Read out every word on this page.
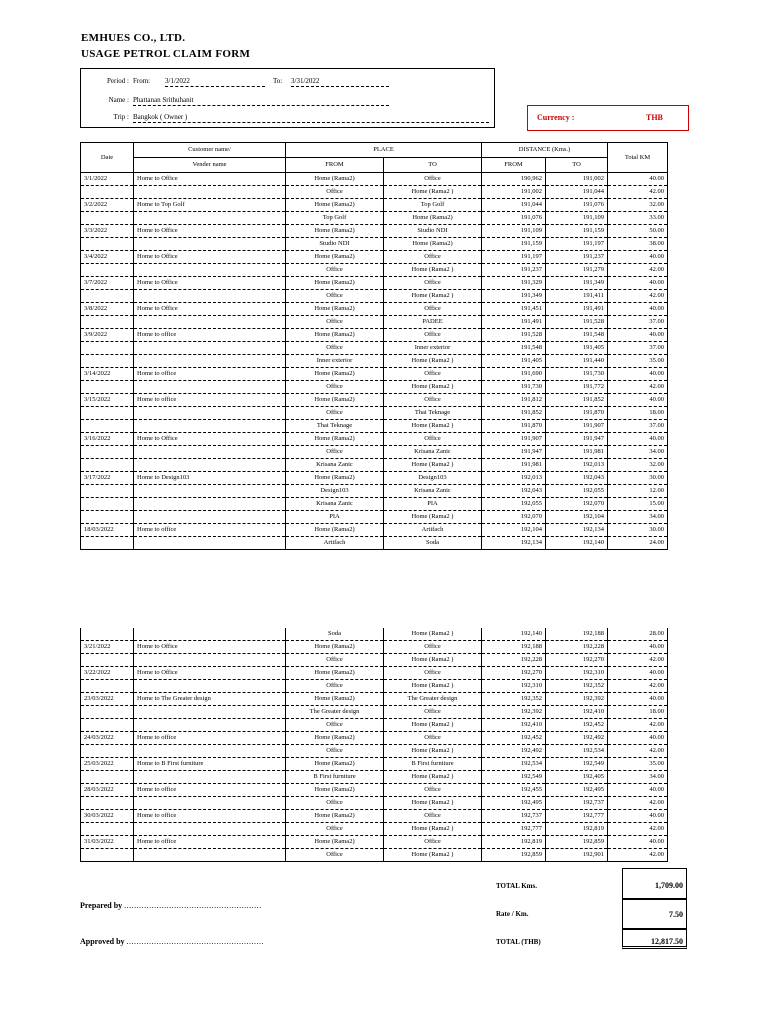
EMHUES CO., LTD.
USAGE PETROL CLAIM FORM
Period : From: 3/1/2022	To: 3/31/2022
Name : Phattanan Srithuhanit
Trip : Bangkok ( Owner )	Currency :	THB
Date	Customer name/	PLACE		DISTANCE (Kms.)		Total KM
	Vender name	FROM	TO	FROM	TO	
3/1/2022	Home to Office	Home (Rama2)	Office	190,962	191,002	40.00
		Office	Home (Rama2 )	191,002	191,044	42.00
3/2/2022	Home to Top Golf	Home (Rama2)	Top Golf	191,044	191,076	32.00
		Top Golf	Home (Rama2)	191,076	191,109	33.00
3/3/2022	Home to Office	Home (Rama2)	Studio NDI	191,109	191,159	50.00
		Studio NDI	Home (Rama2)	191,159	191,197	38.00
3/4/2022	Home to Office	Home (Rama2)	Office	191,197	191,237	40.00
		Office	Home (Rama2 )	191,237	191,279	42.00
3/7/2022	Home to Office	Home (Rama2)	Office	191,329	191,349	40.00
		Office	Home (Rama2 )	191,349	191,411	42.00
3/8/2022	Home to Office	Home (Rama2)	Office	191,451	191,491	40.00
		Office	PADEE	191,491	191,528	37.00
3/9/2022	Home to office	Home (Rama2)	Office	191,528	191,548	40.00
		Office	Inner exterior	191,548	191,405	37.00
		Inner exterior	Home (Rama2 )	191,405	191,440	35.00
3/14/2022	Home to office	Home (Rama2)	Office	191,690	191,730	40.00
		Office	Home (Rama2 )	191,730	191,772	42.00
3/15/2022	Home to office	Home (Rama2)	Office	191,812	191,852	40.00
		Office	Thai Teknage	191,852	191,870	18.00
		Thai Teknage	Home (Rama2 )	191,870	191,907	37.00
3/16/2022	Home to Office	Home (Rama2)	Office	191,907	191,947	40.00
		Office	Krisana Zanic	191,947	191,981	34.00
		Krisana Zanic	Home (Rama2 )	191,981	192,013	32.00
3/17/2022	Home to Design103	Home (Rama2)	Design103	192,013	192,043	30.00
		Design103	Krisana Zanic	192,043	192,055	12.00
		Krisana Zanic	PIA	192,055	192,070	15.00
		PIA	Home (Rama2 )	192,070	192,104	34.00
18/03/2022	Home to office	Home (Rama2)	Artifach	192,104	192,134	30.00
		Artifach	Soda	192,134	192,140	24.00
		Soda	Home (Rama2 )	192,140	192,188	28.00
3/21/2022	Home to Office	Home (Rama2)	Office	192,188	192,228	40.00
		Office	Home (Rama2 )	192,228	192,270	42.00
3/22/2022	Home to Office	Home (Rama2)	Office	192,270	192,310	40.00
		Office	Home (Rama2 )	192,310	192,352	42.00
23/03/2022	Home to The Greater design	Home (Rama2)	The Greater design	192,352	192,392	40.00
		The Greater design	Office	192,392	192,410	18.00
		Office	Home (Rama2 )	192,410	192,452	42.00
24/03/2022	Home to office	Home (Rama2)	Office	192,452	192,492	40.00
		Office	Home (Rama2 )	192,492	192,534	42.00
25/03/2022	Home to B First furniture	Home (Rama2)	B First furniture	192,534	192,549	35.00
		B First furniture	Home (Rama2 )	192,549	192,405	34.00
28/03/2022	Home to office	Home (Rama2)	Office	192,455	192,495	40.00
		Office	Home (Rama2 )	192,495	192,737	42.00
30/03/2022	Home to office	Home (Rama2)	Office	192,737	192,777	40.00
		Office	Home (Rama2 )	192,777	192,819	42.00
31/03/2022	Home to office	Home (Rama2)	Office	192,819	192,859	40.00
		Office	Home (Rama2 )	192,859	192,901	42.00
TOTAL Kms.	1,709.00
Rate / Km.	7.50
TOTAL (THB)	12,817.50
Prepared by .......................................................
Approved by .......................................................
